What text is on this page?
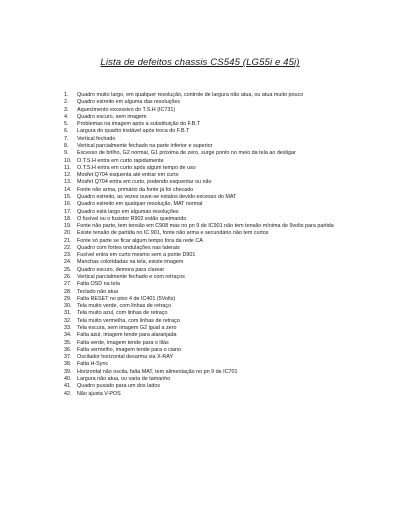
Lista de defeitos chassis CS545 (LG55i e 45i)
1.	Quadro muito largo, em qualquer resolução, controle de largura não atua, ou atua muito pouco
2.	Quadro estreito em alguma das resoluções
3.	Aquecimento excessivo do T.S.H (IC731)
4.	Quadro escuro, sem imagem
5.	Problemas na imagem após a substituição do F.B.T
6.	Largura do quadro instável após troca do F.B.T
7.	Vertical fechado
8.	Vertical parcialmente fechado na parte inferior e superior
9.	Excesso de brilho, G2 normal, G1 próxima de zero, surge ponto no meio da tela ao desligar
10.	O.T.S.H entra em curto rapidamente
11.	O.T.S.H entra em curto após algum tempo de uso
12.	Mosfet Q704 esquenta até entrar em curto
13.	Mosfet Q704 entra em curto, podendo esquentar ou não
14.	Fonte não arma, primário da fonte já foi checado
15.	Quadro estreito, as vezes ouve-se estalos devido excesso do MAT
16.	Quadro estreito em qualquer resolução, MAT normal
17.	Quadro está largo em algumas resoluções
18.	O fusível ou o fusistor R902 estão queimando
19.	Fonte não parte, tem tensão em C908 mas no pn 9 de IC901 não tem tensão mínima de 9volts para partida
20.	Existe tensão de partida no IC 901, fonte não arma e secundário não tem curtos
21.	Fonte só parte se ficar algum tempo fora da rede CA
22.	Quadro com fortes ondulações nas laterais
23.	Fusível entra em curto mesmo sem a ponte D901
24.	Manchas coloridadas na tela, existe imagem
25.	Quadro escuro, demora para clarear
26.	Vertical parcialmente fechado e com retraços
27.	Falta OSD na tela
28.	Teclado não atua
29.	Falta RESET no pino 4 de IC401 (5Volts)
30.	Tela muito verde, com linhas de retraço
31.	Tela muito azul, com linhas de retraço
32.	Tela muito vermelha, com linhas de retraço
33.	Tela escura, sem imagem G2 igual a zero
34.	Falta azul, imagem tende para alaranjada
35.	Falta verde, imagem tende para o lilás
36.	Falta vermelho, imagem tende para o ciano
37.	Oscilador horizontal desarma via X-RAY
38.	Falta H-Sync
39.	Horizontal não oscila, falta MAT, tem alimentação no pn 9 de IC701
40.	Largura não atua, ou varia de tamanho
41.	Quadro puxado para um dos lados
42.	Não ajusta V-POS
